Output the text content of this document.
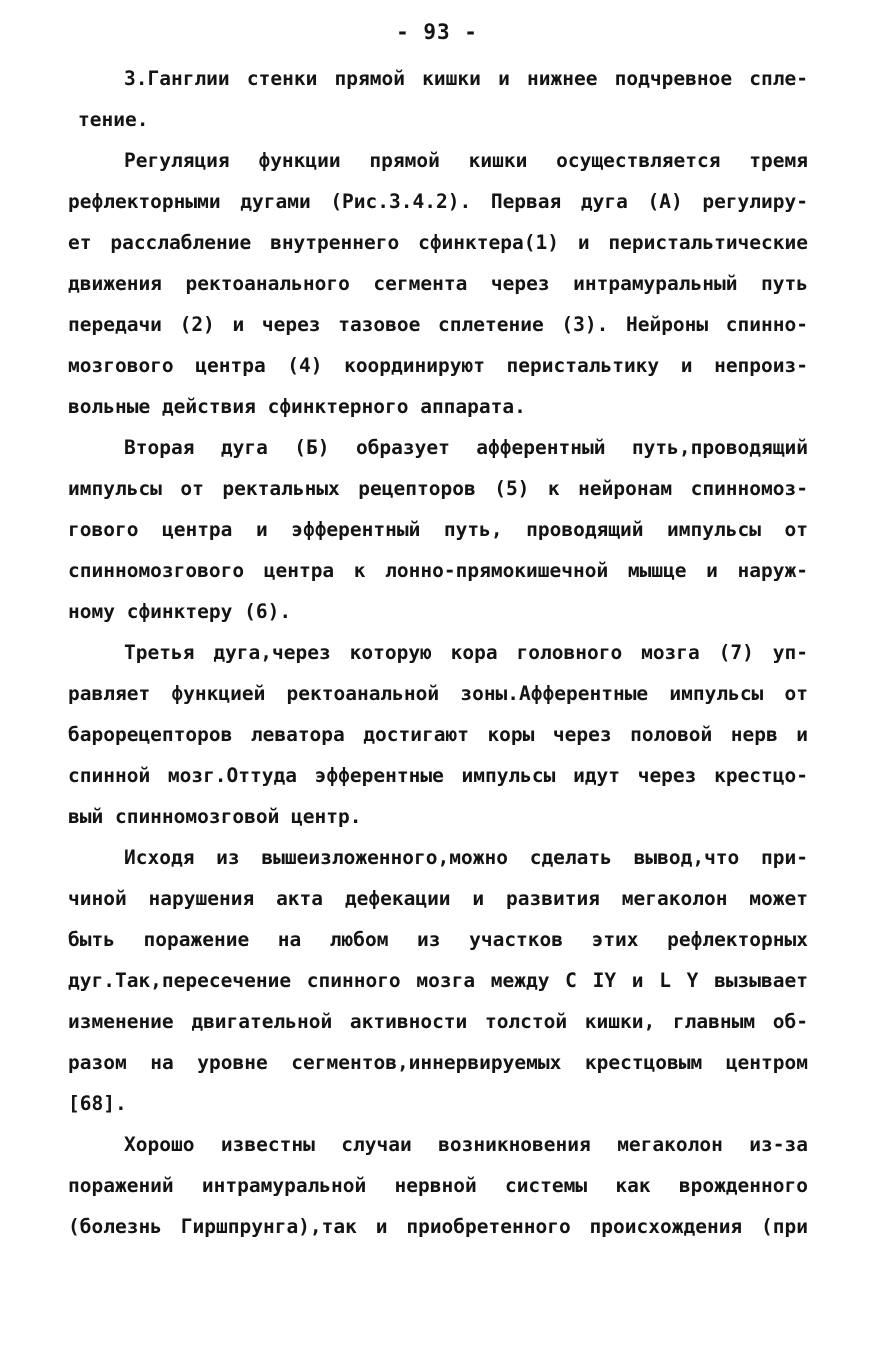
- 93 -
3.Ганглии стенки прямой кишки и нижнее подчревное спле-
тение.
Регуляция функции прямой кишки осуществляется тремя
рефлекторными дугами (Рис.3.4.2). Первая дуга (А) регулиру-
ет расслабление внутреннего сфинктера(1) и перистальтические
движения ректоанального сегмента через интрамуральный путь
передачи (2) и через тазовое сплетение (3). Нейроны спинно-
мозгового центра (4) координируют перистальтику и непроиз-
вольные действия сфинктерного аппарата.
Вторая дуга (Б) образует афферентный путь,проводящий
импульсы от ректальных рецепторов (5) к нейронам спинномоз-
гового центра и эфферентный путь, проводящий импульсы от
спинномозгового центра к лонно-прямокишечной мышце и наруж-
ному сфинктеру (6).
Третья дуга,через которую кора головного мозга (7) уп-
равляет функцией ректоанальной зоны.Афферентные импульсы от
барорецепторов леватора достигают коры через половой нерв и
спинной мозг.Оттуда эфферентные импульсы идут через крестцо-
вый спинномозговой центр.
Исходя из вышеизложенного,можно сделать вывод,что при-
чиной нарушения акта дефекации и развития мегаколон может
быть поражение на любом из участков этих рефлекторных
дуг.Так,пересечение спинного мозга между C IY и L Y вызывает
изменение двигательной активности толстой кишки, главным об-
разом на уровне сегментов,иннервируемых крестцовым центром
[68].
Хорошо известны случаи возникновения мегаколон из-за
поражений интрамуральной нервной системы как врожденного
(болезнь Гиршпрунга),так и приобретенного происхождения (при
